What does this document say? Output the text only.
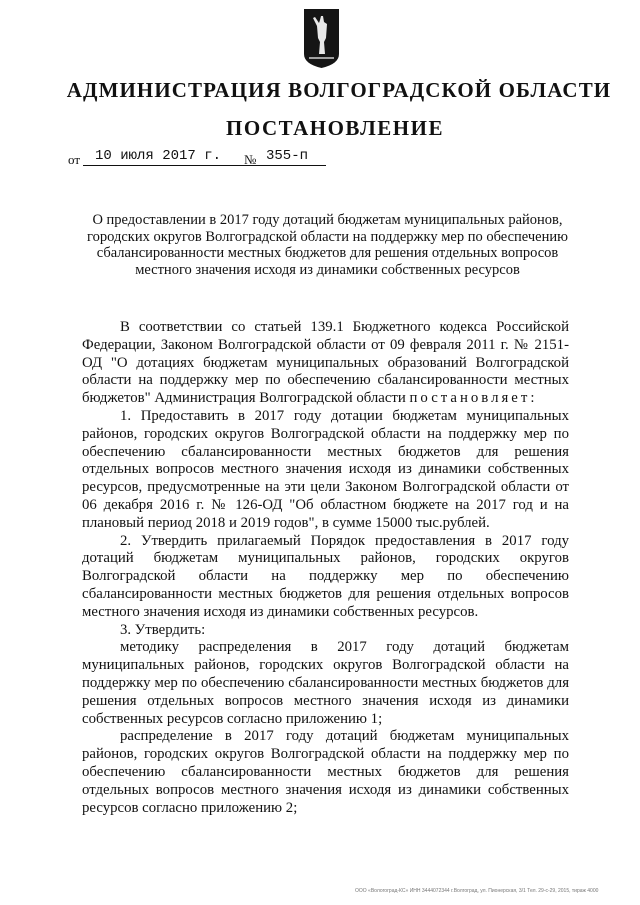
АДМИНИСТРАЦИЯ ВОЛГОГРАДСКОЙ ОБЛАСТИ
ПОСТАНОВЛЕНИЕ
от	10 июля 2017 г.	№ 355-п
О предоставлении в 2017 году дотаций бюджетам муниципальных районов, городских округов Волгоградской области на поддержку мер по обеспечению сбалансированности местных бюджетов для решения отдельных вопросов местного значения исходя из динамики собственных ресурсов

В соответствии со статьей 139.1 Бюджетного кодекса Российской Федерации, Законом Волгоградской области от 09 февраля 2011 г. № 2151-ОД "О дотациях бюджетам муниципальных образований Волгоградской области на поддержку мер по обеспечению сбалансированности местных бюджетов" Администрация Волгоградской области постановляет:

1. Предоставить в 2017 году дотации бюджетам муниципальных районов, городских округов Волгоградской области на поддержку мер по обеспечению сбалансированности местных бюджетов для решения отдельных вопросов местного значения исходя из динамики собственных ресурсов, предусмотренные на эти цели Законом Волгоградской области от 06 декабря 2016 г. № 126-ОД "Об областном бюджете на 2017 год и на плановый период 2018 и 2019 годов", в сумме 15000 тыс.рублей.

2. Утвердить прилагаемый Порядок предоставления в 2017 году дотаций бюджетам муниципальных районов, городских округов Волгоградской области на поддержку мер по обеспечению сбалансированности местных бюджетов для решения отдельных вопросов местного значения исходя из динамики собственных ресурсов.

3. Утвердить:

методику распределения в 2017 году дотаций бюджетам муниципальных районов, городских округов Волгоградской области на поддержку мер по обеспечению сбалансированности местных бюджетов для решения отдельных вопросов местного значения исходя из динамики собственных ресурсов согласно приложению 1;

распределение в 2017 году дотаций бюджетам муниципальных районов, городских округов Волгоградской области на поддержку мер по обеспечению сбалансированности местных бюджетов для решения отдельных вопросов местного значения исходя из динамики собственных ресурсов согласно приложению 2;

ООО «Вологоград-КС» ИНН 3444072344 г.Волгоград, ул. Пионерская, 3/1 Тел. 29-с-29, 2015, тираж 4000
